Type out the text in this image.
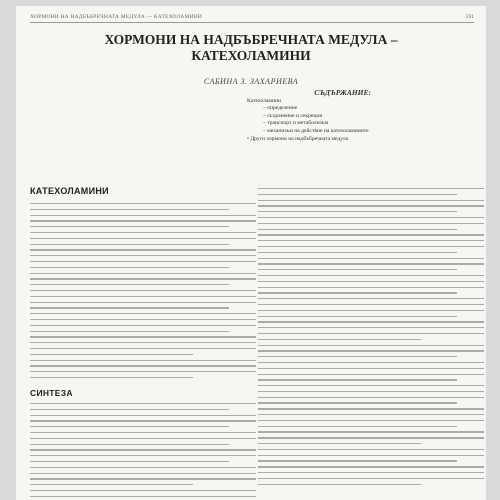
ХОРМОНИ НА НАДБЪБРЕЧНАТА МЕДУЛА — КАТЕХОЛАМИНИ	591
ХОРМОНИ НА НАДБЪБРЕЧНАТА МЕДУЛА –
КАТЕХОЛАМИНИ
САБИНА З. ЗАХАРИЕВА
СЪДЪРЖАНИЕ:
Катехоламини
– определение
– съхранение и секреция
– транспорт и метаболизъм
– механизъм на действие на катехоламините
• Други хормони на надбъбречната медула
КАТЕХОЛАМИНИ
СИНТЕЗА
